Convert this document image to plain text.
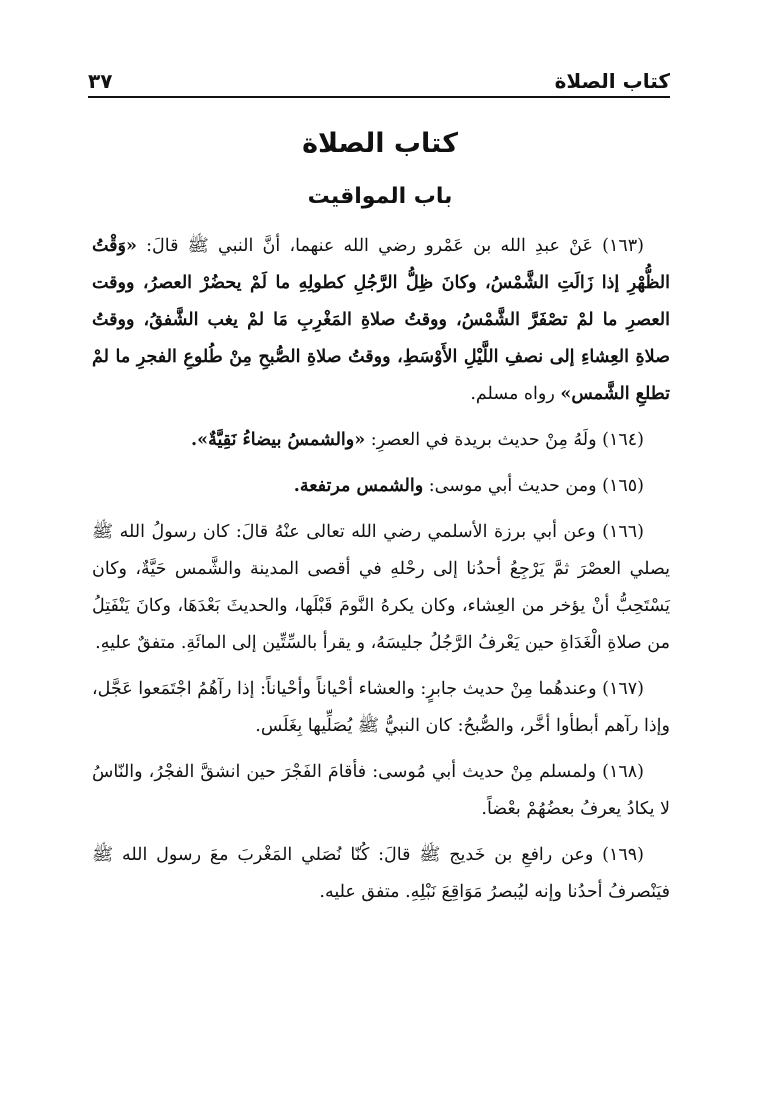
كتاب الصلاة
٣٧
كتاب الصلاة
باب المواقيت

(١٦٣) عَنْ عبدِ الله بن عَمْرو رضي الله عنهما، أنَّ النبي ﷺ قالَ: «وَقْتُ الظُّهْرِ إذا زَالَتِ الشَّمْسُ، وكانَ ظِلُّ الرَّجُلِ كطولِهِ ما لَمْ يحضُرْ العصرُ، ووقت العصرِ ما لمْ تصْفَرَّ الشَّمْسُ، ووقتُ صلاةِ المَغْرِبِ مَا لمْ يغب الشَّفقُ، ووقتُ صلاةِ العِشاءِ إلى نصفِ اللَّيْلِ الأَوْسَطِ، ووقتُ صلاةِ الصُّبحِ مِنْ طُلوعِ الفجرِ ما لمْ تطلعِ الشَّمس» رواه مسلم.

(١٦٤) ولَهُ مِنْ حديث بريدة في العصرِ: «والشمسُ بيضاءُ نَقِيَّةٌ».

(١٦٥) ومن حديث أبي موسى: والشمس مرتفعة.

(١٦٦) وعن أبي برزة الأسلمي رضي الله تعالى عنْهُ قالَ: كان رسولُ الله ﷺ يصلي العصْرَ ثمَّ يَرْجِعُ أحدُنا إلى رحْلهِ في أقصى المدينة والشَّمس حَيَّةٌ، وكان يَسْتَحِبُّ أنْ يؤخر من العِشاء، وكان يكرهُ النَّومَ قَبْلَها، والحديثَ بَعْدَهَا، وكانَ يَنْفَتِلُ من صلاةِ الْغَدَاةِ حين يَعْرفُ الرَّجُلُ جليسَهُ، و يقرأ بالسِّتِّين إلى المائَةِ. متفقٌ عليهِ.

(١٦٧) وعندهُما مِنْ حديث جابرٍ: والعشاء أحْياناً وأحْياناً: إذا رآهُمُ اجْتَمَعوا عَجَّل، وإذا رآهم أبطأوا أخَّر، والصُّبحُ: كان النبيُّ ﷺ يُصَلِّيها بِغَلَس.

(١٦٨) ولمسلم مِنْ حديث أبي مُوسى: فأقامَ الفَجْرَ حين انشقَّ الفجْرُ، والنّاسُ لا يكادُ يعرفُ بعضُهُمْ بعْضاً.

(١٦٩) وعن رافعِ بن خَديج ﷺ قالَ: كُنّا نُصَلي المَغْربَ معَ رسول الله ﷺ فيَنْصرفُ أحدُنا وإنه ليُبصرُ مَوَاقِعَ نَبْلِهِ. متفق عليه.
